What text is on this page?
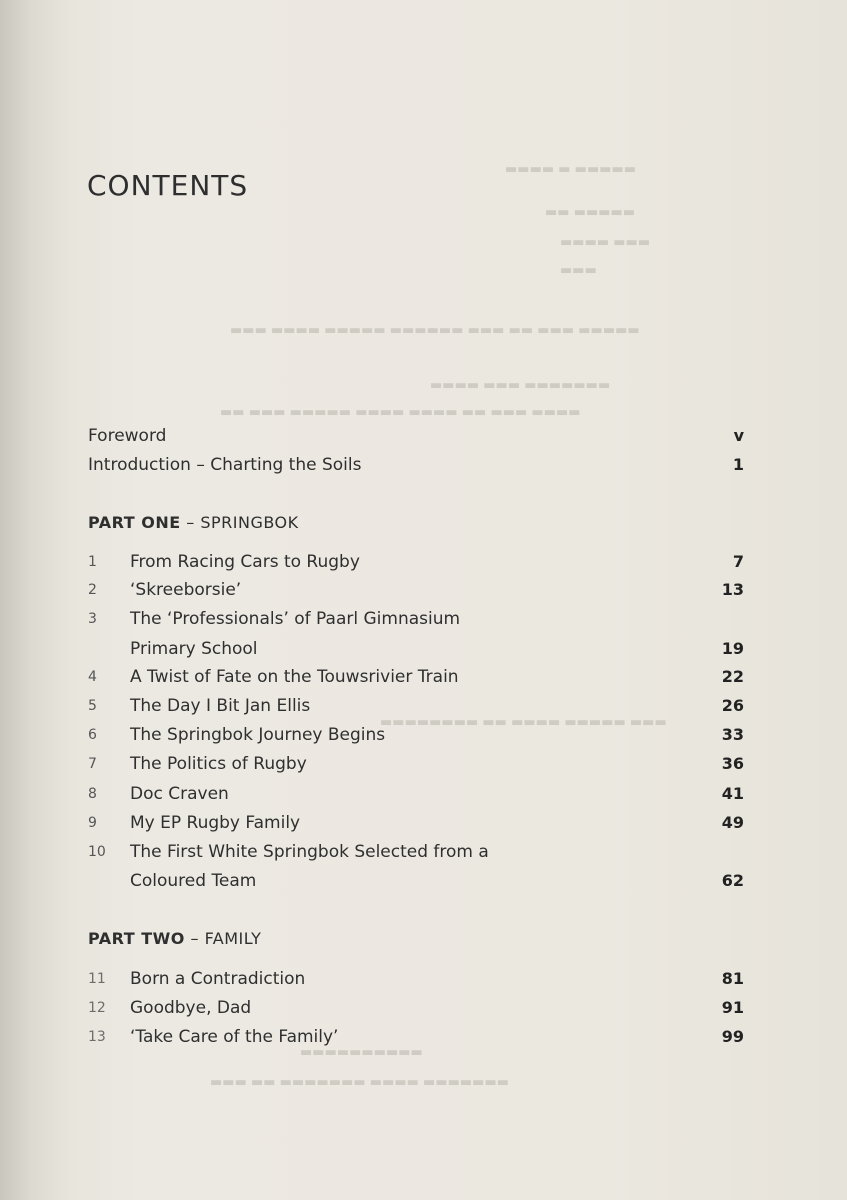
▬▬▬▬ ▬ ▬▬▬▬▬
▬▬ ▬▬▬▬▬
▬▬▬▬ ▬▬▬
▬▬▬
▬▬▬ ▬▬▬▬ ▬▬▬▬▬ ▬▬▬▬▬▬ ▬▬▬ ▬▬ ▬▬▬ ▬▬▬▬▬
▬▬▬▬ ▬▬▬ ▬▬▬▬▬▬▬
▬▬ ▬▬▬ ▬▬▬▬▬ ▬▬▬▬ ▬▬▬▬ ▬▬ ▬▬▬ ▬▬▬▬
▬▬▬▬▬▬▬▬ ▬▬ ▬▬▬▬ ▬▬▬▬▬ ▬▬▬
▬▬▬▬▬▬▬▬▬▬
▬▬▬ ▬▬ ▬▬▬▬▬▬▬ ▬▬▬▬ ▬▬▬▬▬▬▬
CONTENTS
Foreword	v
Introduction – Charting the Soils	1
PART ONE – SPRINGBOK
1	From Racing Cars to Rugby	7
2	‘Skreeborsie’	13
3	The ‘Professionals’ of Paarl Gimnasium
Primary School	19
4	A Twist of Fate on the Touwsrivier Train	22
5	The Day I Bit Jan Ellis	26
6	The Springbok Journey Begins	33
7	The Politics of Rugby	36
8	Doc Craven	41
9	My EP Rugby Family	49
10	The First White Springbok Selected from a
Coloured Team	62
PART TWO – FAMILY
11	Born a Contradiction	81
12	Goodbye, Dad	91
13	‘Take Care of the Family’	99
